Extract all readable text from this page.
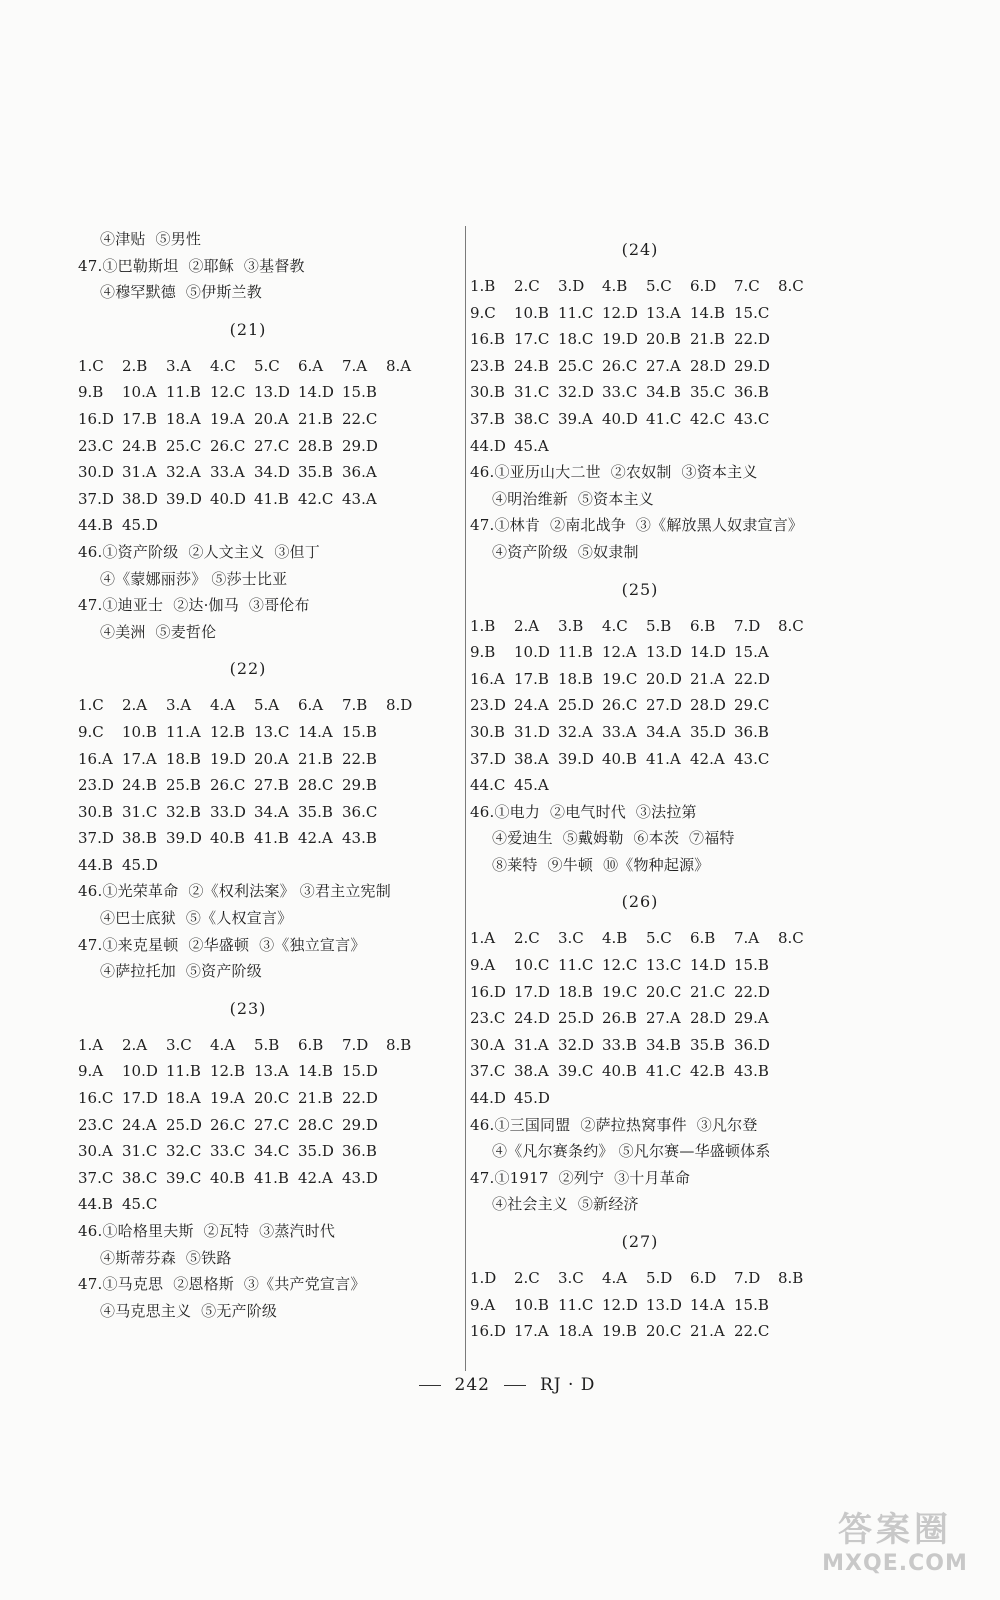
④津贴  ⑤男性
47.①巴勒斯坦  ②耶稣  ③基督教
④穆罕默德  ⑤伊斯兰教
(21)
1.C	2.B	3.A	4.C	5.C	6.A	7.A	8.A
9.B	10.A 11.B 12.C 13.D 14.D 15.B
16.D 17.B 18.A 19.A 20.A 21.B 22.C
23.C 24.B 25.C 26.C 27.C 28.B 29.D
30.D 31.A 32.A 33.A 34.D 35.B 36.A
37.D 38.D 39.D 40.D 41.B 42.C 43.A
44.B 45.D
46.①资产阶级  ②人文主义  ③但丁
④《蒙娜丽莎》 ⑤莎士比亚
47.①迪亚士  ②达·伽马  ③哥伦布
④美洲  ⑤麦哲伦
(22)
1.C	2.A	3.A	4.A	5.A	6.A	7.B	8.D
9.C	10.B 11.A 12.B 13.C 14.A 15.B
16.A 17.A 18.B 19.D 20.A 21.B 22.B
23.D 24.B 25.B 26.C 27.B 28.C 29.B
30.B 31.C 32.B 33.D 34.A 35.B 36.C
37.D 38.B 39.D 40.B 41.B 42.A 43.B
44.B 45.D
46.①光荣革命  ②《权利法案》 ③君主立宪制
④巴士底狱  ⑤《人权宣言》
47.①来克星顿  ②华盛顿  ③《独立宣言》
④萨拉托加  ⑤资产阶级
(23)
1.A	2.A	3.C	4.A	5.B	6.B	7.D	8.B
9.A	10.D 11.B 12.B 13.A 14.B 15.D
16.C 17.D 18.A 19.A 20.C 21.B 22.D
23.C 24.A 25.D 26.C 27.C 28.C 29.D
30.A 31.C 32.C 33.C 34.C 35.D 36.B
37.C 38.C 39.C 40.B 41.B 42.A 43.D
44.B 45.C
46.①哈格里夫斯  ②瓦特  ③蒸汽时代
④斯蒂芬森  ⑤铁路
47.①马克思  ②恩格斯  ③《共产党宣言》
④马克思主义  ⑤无产阶级
(24)
1.B	2.C	3.D	4.B	5.C	6.D	7.C	8.C
9.C	10.B 11.C 12.D 13.A 14.B 15.C
16.B 17.C 18.C 19.D 20.B 21.B 22.D
23.B 24.B 25.C 26.C 27.A 28.D 29.D
30.B 31.C 32.D 33.C 34.B 35.C 36.B
37.B 38.C 39.A 40.D 41.C 42.C 43.C
44.D 45.A
46.①亚历山大二世  ②农奴制  ③资本主义
④明治维新  ⑤资本主义
47.①林肯  ②南北战争  ③《解放黑人奴隶宣言》
④资产阶级  ⑤奴隶制
(25)
1.B	2.A	3.B	4.C	5.B	6.B	7.D	8.C
9.B	10.D 11.B 12.A 13.D 14.D 15.A
16.A 17.B 18.B 19.C 20.D 21.A 22.D
23.D 24.A 25.D 26.C 27.D 28.D 29.C
30.B 31.D 32.A 33.A 34.A 35.D 36.B
37.D 38.A 39.D 40.B 41.A 42.A 43.C
44.C 45.A
46.①电力  ②电气时代  ③法拉第
④爱迪生  ⑤戴姆勒  ⑥本茨  ⑦福特
⑧莱特  ⑨牛顿  ⑩《物种起源》
(26)
1.A	2.C	3.C	4.B	5.C	6.B	7.A	8.C
9.A	10.C 11.C 12.C 13.C 14.D 15.B
16.D 17.D 18.B 19.C 20.C 21.C 22.D
23.C 24.D 25.D 26.B 27.A 28.D 29.A
30.A 31.A 32.D 33.B 34.B 35.B 36.D
37.C 38.A 39.C 40.B 41.C 42.B 43.B
44.D 45.D
46.①三国同盟  ②萨拉热窝事件  ③凡尔登
④《凡尔赛条约》 ⑤凡尔赛—华盛顿体系
47.①1917  ②列宁  ③十月革命
④社会主义  ⑤新经济
(27)
1.D	2.C	3.C	4.A	5.D	6.D	7.D	8.B
9.A	10.B 11.C 12.D 13.D 14.A 15.B
16.D 17.A 18.A 19.B 20.C 21.A 22.C
242	RJ · D
答案圈
MXQE.COM
